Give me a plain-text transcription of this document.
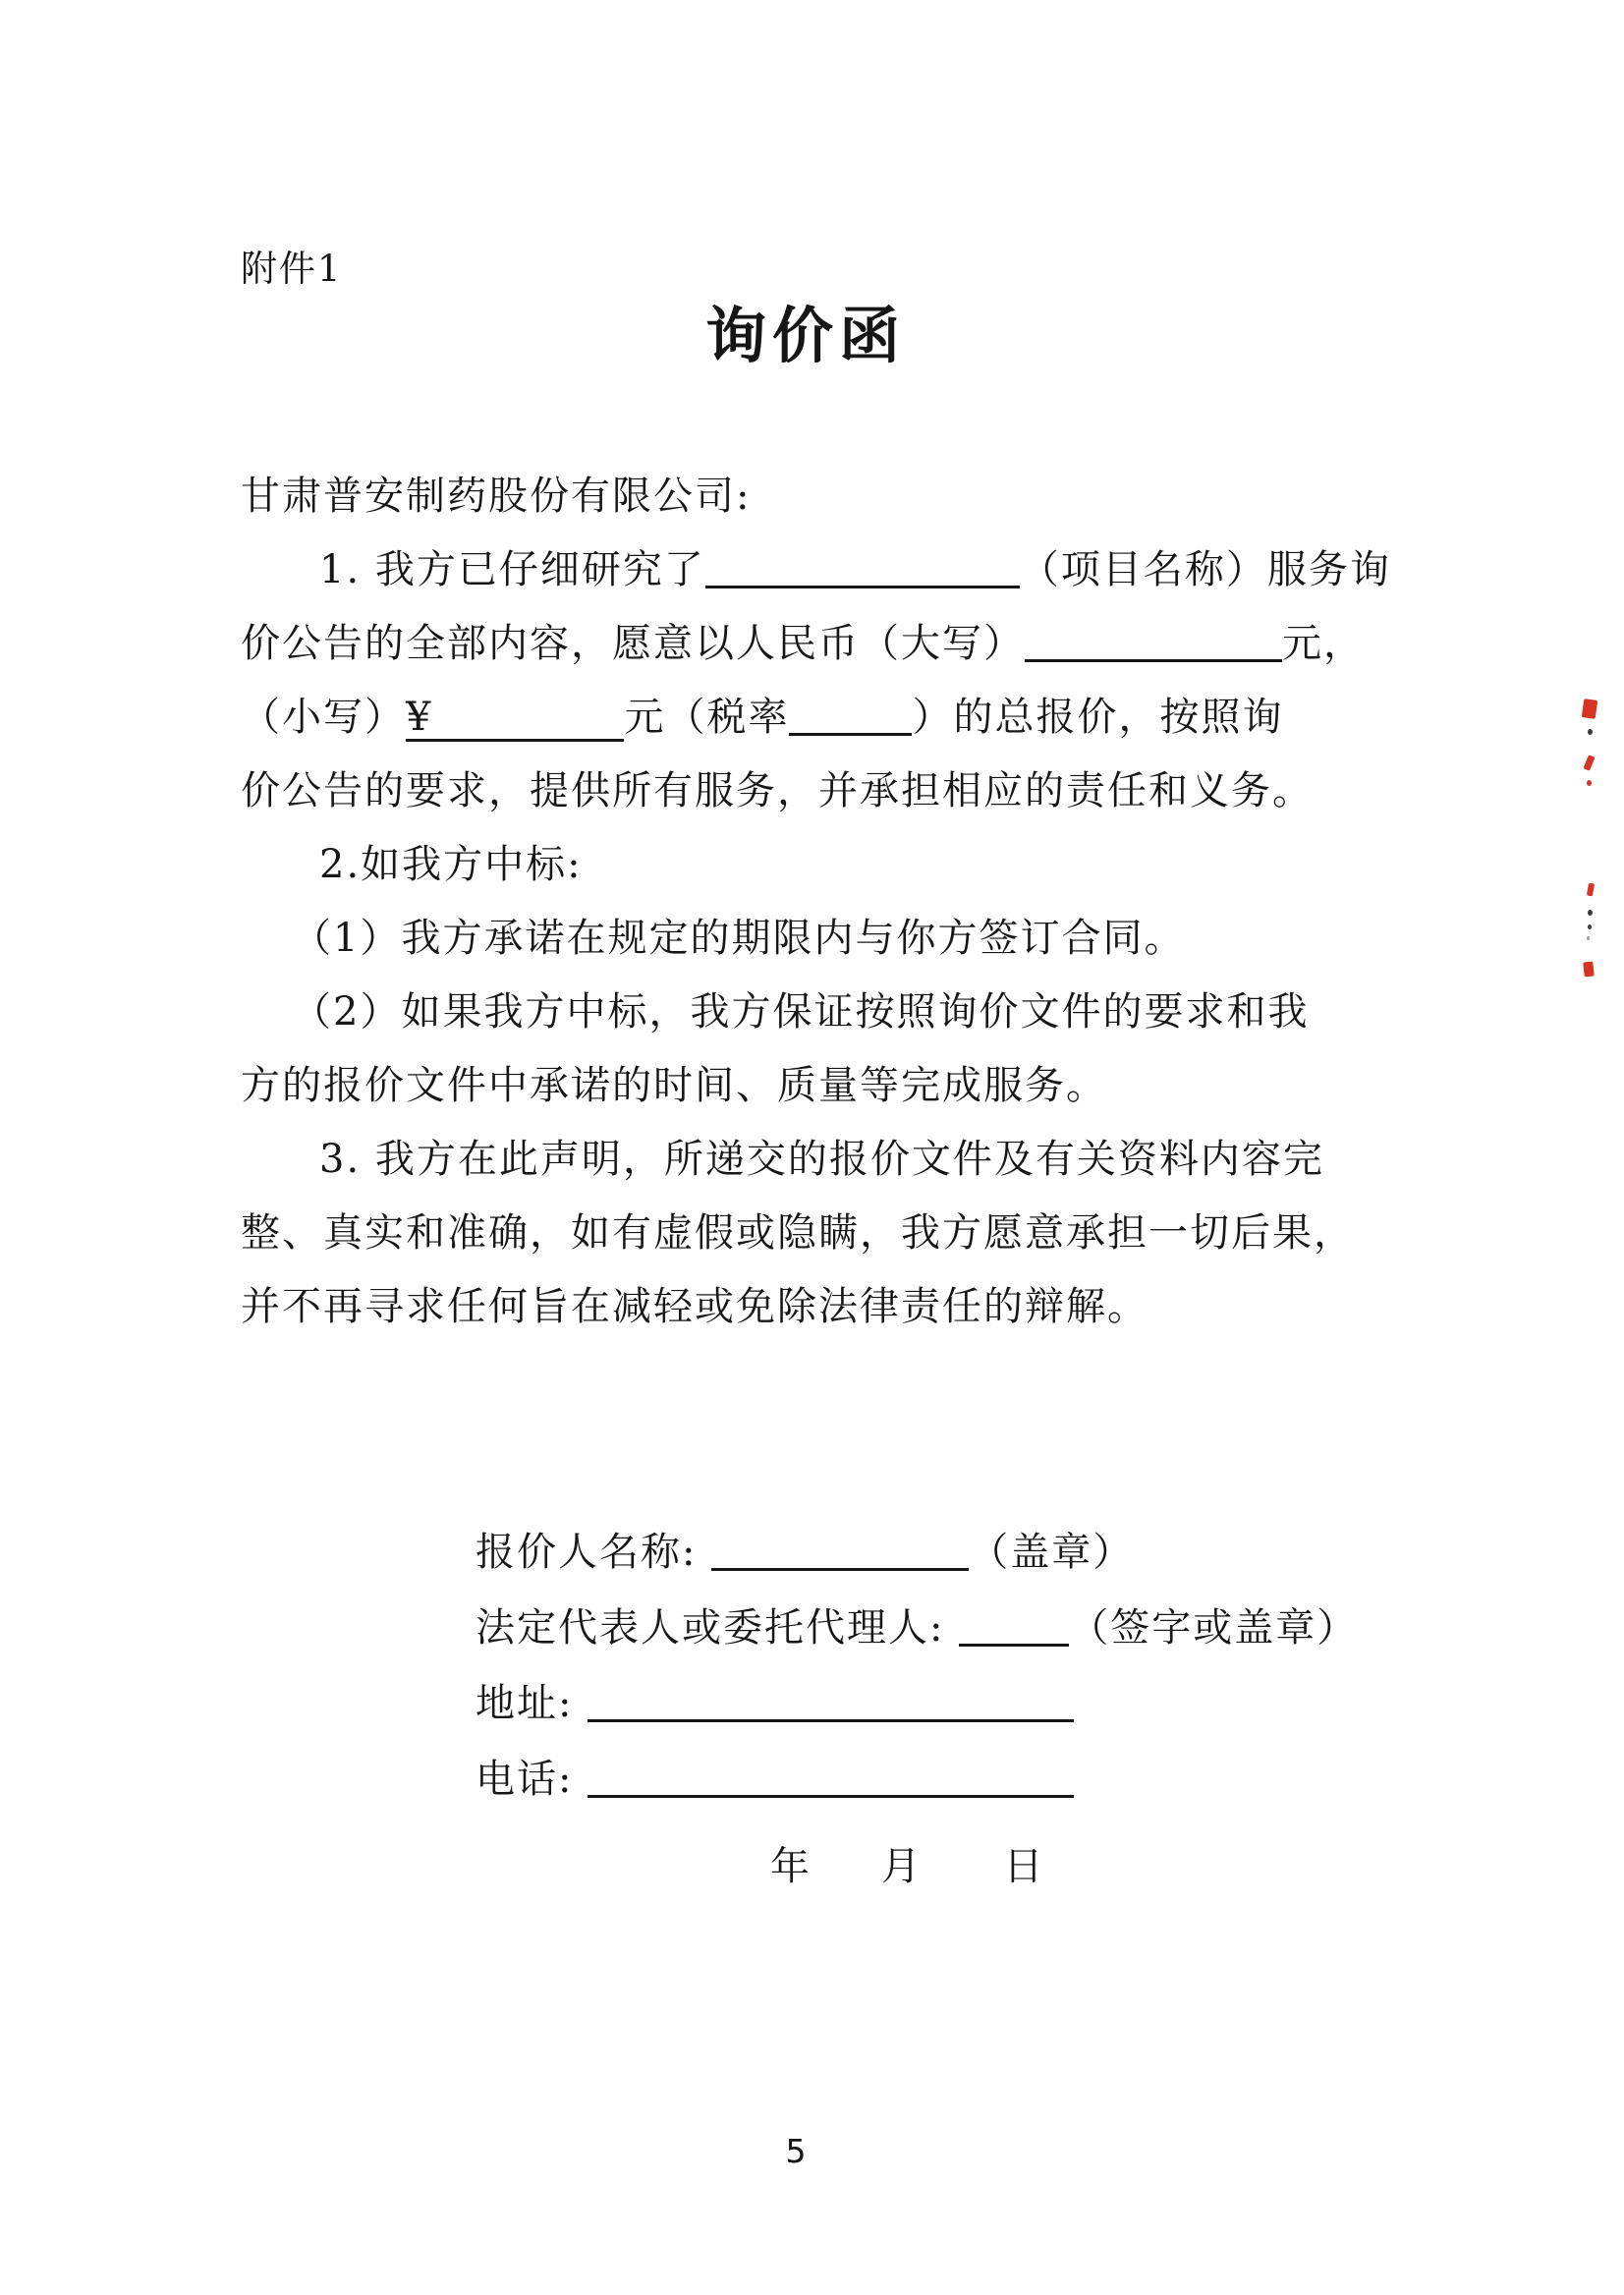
附件1
询价函
甘肃普安制药股份有限公司:
1. 我方已仔细研究了	（项目名称）服务询
价公告的全部内容，愿意以人民币（大写）	元，
（小写）¥	元（税率	）的总报价，按照询
价公告的要求，提供所有服务，并承担相应的责任和义务。
2.如我方中标:
（1）我方承诺在规定的期限内与你方签订合同。
（2）如果我方中标，我方保证按照询价文件的要求和我
方的报价文件中承诺的时间、质量等完成服务。
3. 我方在此声明，所递交的报价文件及有关资料内容完
整、真实和准确，如有虚假或隐瞒，我方愿意承担一切后果，
并不再寻求任何旨在减轻或免除法律责任的辩解。
报价人名称:	（盖章）
法定代表人或委托代理人:	（签字或盖章）
地址:
电话:
年 月 日
5
